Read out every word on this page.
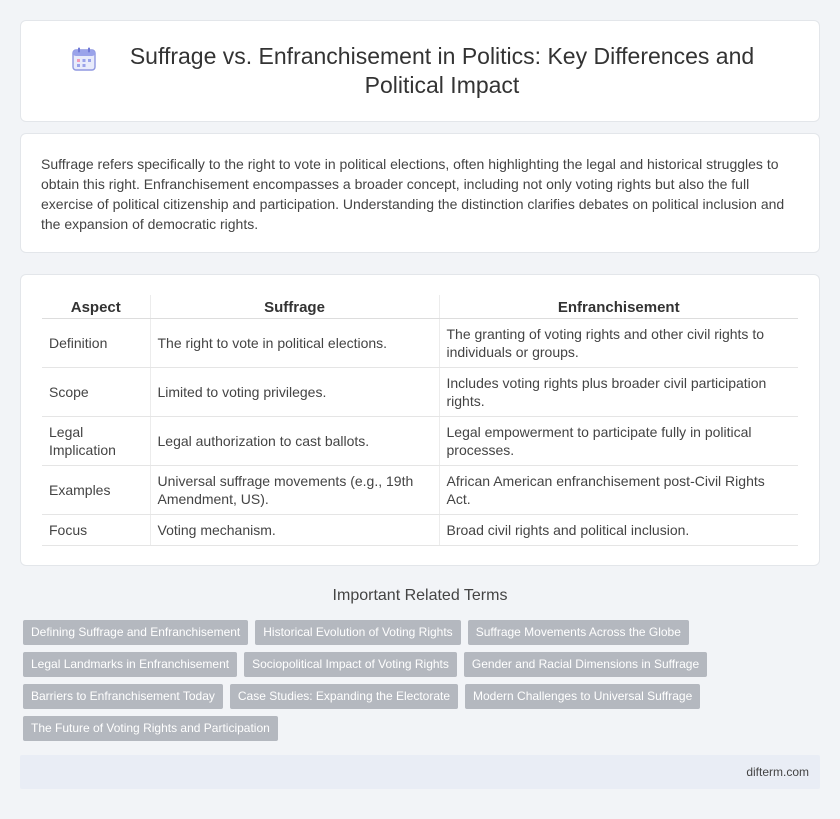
Suffrage vs. Enfranchisement in Politics: Key Differences and Political Impact

Suffrage refers specifically to the right to vote in political elections, often highlighting the legal and historical struggles to obtain this right. Enfranchisement encompasses a broader concept, including not only voting rights but also the full exercise of political citizenship and participation. Understanding the distinction clarifies debates on political inclusion and the expansion of democratic rights.

Aspect	Suffrage	Enfranchisement
Definition	The right to vote in political elections.	The granting of voting rights and other civil rights to individuals or groups.
Scope	Limited to voting privileges.	Includes voting rights plus broader civil participation rights.
Legal Implication	Legal authorization to cast ballots.	Legal empowerment to participate fully in political processes.
Examples	Universal suffrage movements (e.g., 19th Amendment, US).	African American enfranchisement post-Civil Rights Act.
Focus	Voting mechanism.	Broad civil rights and political inclusion.
Important Related Terms
Defining Suffrage and Enfranchisement	Historical Evolution of Voting Rights	Suffrage Movements Across the Globe
Legal Landmarks in Enfranchisement	Sociopolitical Impact of Voting Rights	Gender and Racial Dimensions in Suffrage
Barriers to Enfranchisement Today	Case Studies: Expanding the Electorate	Modern Challenges to Universal Suffrage
The Future of Voting Rights and Participation
difterm.com
